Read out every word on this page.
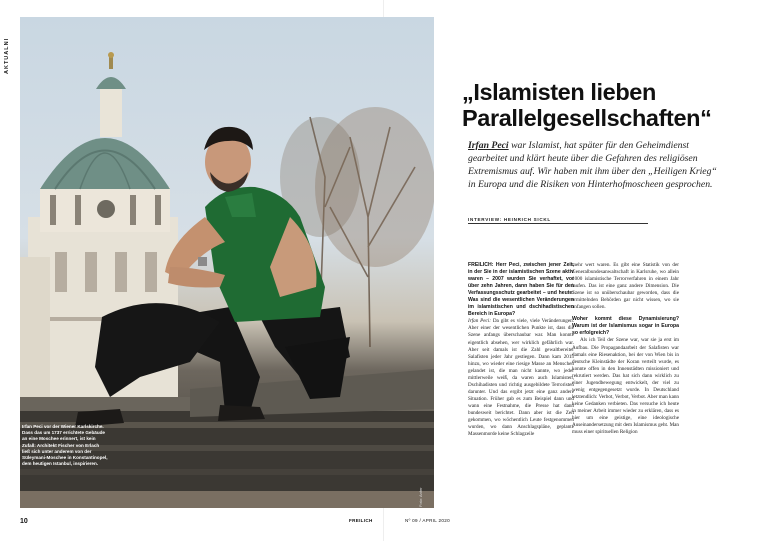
AKTUALNI
Foto: Anfer
Irfan Peci vor der Wiener Karlskirche. Dass das um 1737 errichtete Gebäude an eine Moschee erinnert, ist kein Zufall: Architekt Fischer von Erlach ließ sich unter anderem von der Süleymani-Moschee in Konstantinopel, dem heutigen Istanbul, inspirieren.
„Islamisten lieben Parallelgesellschaften“

Irfan Peci war Islamist, hat später für den Geheimdienst gearbeitet und klärt heute über die Gefahren des religiösen Extremismus auf. Wir haben mit ihm über den „Heiligen Krieg“ in Europa und die Risiken von Hinterhofmoscheen gesprochen.

INTERVIEW: HEINRICH SICKL
FREILICH: Herr Peci, zwischen jener Zeit, in der Sie in der islamistischen Szene aktiv waren – 2007 wurden Sie verhaftet, vor über zehn Jahren, dann haben Sie für den Verfassungsschutz gearbeitet – und heute: Was sind die wesentlichen Veränderungen im islamistischen und dschihadistischen Bereich in Europa?

Irfan Peci: Da gibt es viele, viele Veränderungen. Aber einer der wesentlichen Punkte ist, dass die Szene anfangs überschaubar war. Man konnte eigentlich absehen, wer wirklich gefährlich war. Aber seit damals ist die Zahl gewaltbereiter Salafisten jeder Jahr gestiegen. Dann kam 2015 hinzu, wo wieder eine riesige Masse an Menschen gelandet ist, die man nicht kannte, wo jeder mittlerweile weiß, da waren auch Islamisten, Dschihadisten und richtig ausgebildete Terroristen darunter. Und das ergibt jetzt eine ganz andere Situation. Früher gab es zum Beispiel dann und wann eine Festnahme, die Presse hat dann bundesweit berichtet. Dann aber ist die Zeit gekommen, wo wöchentlich Leute festgenommen wurden, wo dann Anschlagspläne, geplante Massenmorde keine Schlagzeile

mehr wert waren. Es gibt eine Statistik von der Generalbundesanwaltschaft in Karlsruhe, wo allein 1000 islamistische Terrorverfahren in einem Jahr laufen. Das ist eine ganz andere Dimension. Die Szene ist so unüberschaubar geworden, dass die ermittelnden Behörden gar nicht wissen, wo sie anfangen sollen.

Woher kommt diese Dynamisierung? Warum ist der Islamismus sogar in Europa so erfolgreich?

Als ich Teil der Szene war, war sie ja erst im Aufbau. Die Propagandaarbeit der Salafisten war damals eine Riesenaktion, bei der von Wien bis in deutsche Kleinstädte der Koran verteilt wurde, es konnte offen in den Innenstädten missioniert und rekrutiert werden. Das hat sich dann wirklich zu einer Jugendbewegung entwickelt, der viel zu wenig entgegengesetzt wurde. In Deutschland letztendlich: Verbot, Verbot, Verbot. Aber man kann keine Gedanken verbieten. Das versuche ich heute in meiner Arbeit immer wieder zu erklären, dass es hier um eine geistige, eine ideologische Auseinandersetzung mit dem Islamismus geht. Man muss einer spirituellen Religion

10	FREILICH	Nº 09 / APRIL 2020
